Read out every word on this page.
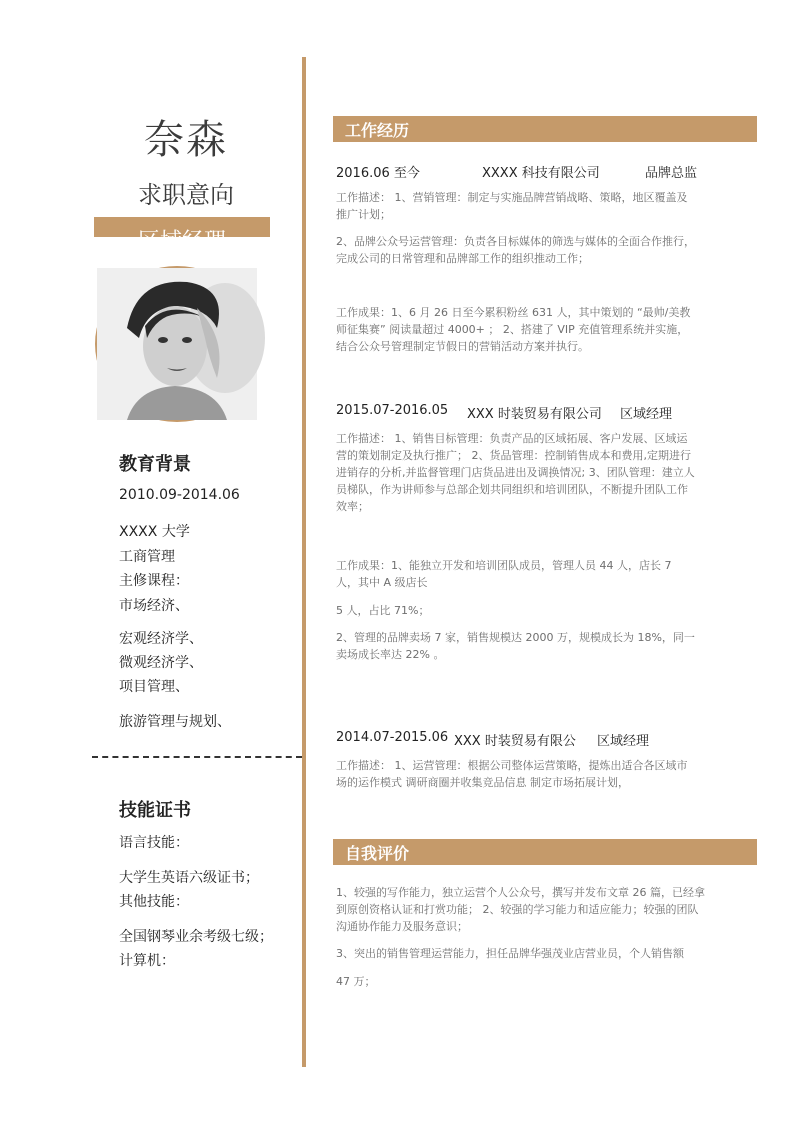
奈森
求职意向
区域经理
教育背景
2010.09-2014.06
XXXX 大学
工商管理
主修课程：
市场经济、
宏观经济学、
微观经济学、
项目管理、
旅游管理与规划、
技能证书
语言技能：
大学生英语六级证书；
其他技能：
全国钢琴业余考级七级；
计算机：
工作经历
2016.06 至今	XXXX 科技有限公司	品牌总监
工作描述： 1、营销管理：制定与实施品牌营销战略、策略，地区覆盖及推广计划；
2、品牌公众号运营管理：负责各目标媒体的筛选与媒体的全面合作推行，完成公司的日常管理和品牌部工作的组织推动工作；
工作成果：1、6 月 26 日至今累积粉丝 631 人，其中策划的 “最帅/美教师征集赛” 阅读量超过 4000+ ； 2、搭建了 VIP 充值管理系统并实施，结合公众号管理制定节假日的营销活动方案并执行。
2015.07-2016.05 XXX 时装贸易有限公司 区域经理
工作描述： 1、销售目标管理：负责产品的区域拓展、客户发展、区域运营的策划制定及执行推广； 2、货品管理：控制销售成本和费用,定期进行进销存的分析,并监督管理门店货品进出及调换情况; 3、团队管理：建立人员梯队，作为讲师参与总部企划共同组织和培训团队，不断提升团队工作效率；
工作成果：1、能独立开发和培训团队成员，管理人员 44 人，店长 7 人，其中 A 级店长
5 人，占比 71%；
2、管理的品牌卖场 7 家，销售规模达 2000 万，规模成长为 18%，同一卖场成长率达 22% 。
2014.07-2015.06 XXX 时装贸易有限公 区域经理
工作描述： 1、运营管理：根据公司整体运营策略，提炼出适合各区域市场的运作模式 调研商圈并收集竞品信息 制定市场拓展计划，
自我评价
1、较强的写作能力，独立运营个人公众号，撰写并发布文章 26 篇，已经拿到原创资格认证和打赏功能； 2、较强的学习能力和适应能力；较强的团队沟通协作能力及服务意识；
3、突出的销售管理运营能力，担任品牌华强茂业店营业员，个人销售额
47 万；
